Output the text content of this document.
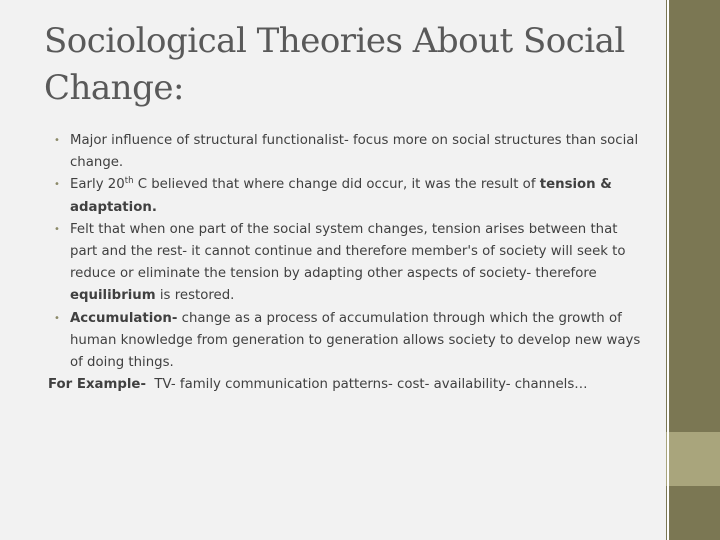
Sociological Theories About Social Change:

• Major influence of structural functionalist- focus more on social structures than social change.

• Early 20th C believed that where change did occur, it was the result of tension & adaptation.

• Felt that when one part of the social system changes, tension arises between that part and the rest- it cannot continue and therefore member's of society will seek to reduce or eliminate the tension by adapting other aspects of society- therefore equilibrium is restored.

• Accumulation- change as a process of accumulation through which the growth of human knowledge from generation to generation allows society to develop new ways of doing things.

For Example-  TV- family communication patterns- cost- availability- channels…
